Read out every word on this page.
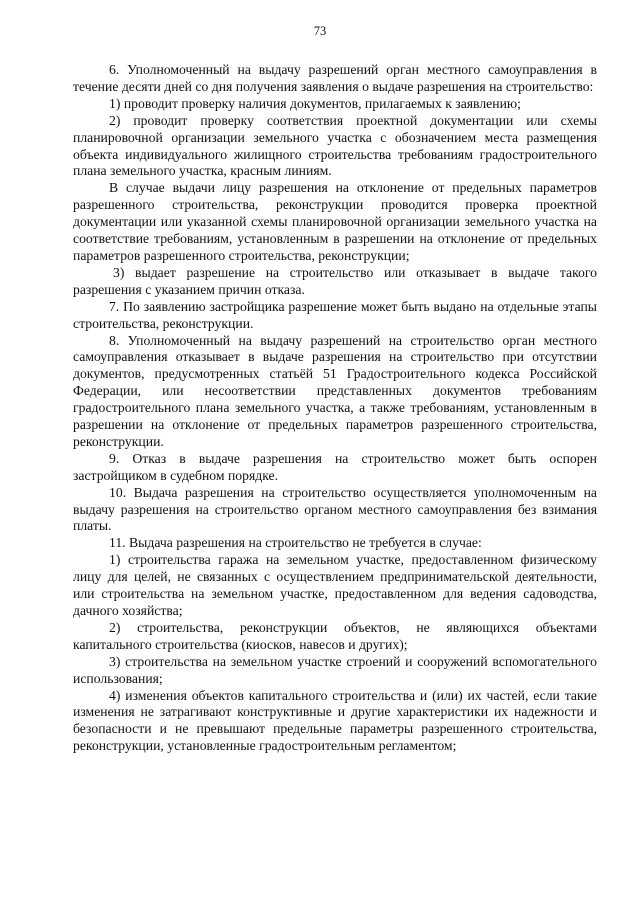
73

6. Уполномоченный на выдачу разрешений орган местного самоуправления в течение десяти дней со дня получения заявления о выдаче разрешения на строительство:

1) проводит проверку наличия документов, прилагаемых к заявлению;

2) проводит проверку соответствия проектной документации или схемы планировочной организации земельного участка с обозначением места размещения объекта индивидуального жилищного строительства требованиям градостроительного плана земельного участка, красным линиям.

В случае выдачи лицу разрешения на отклонение от предельных параметров разрешенного строительства, реконструкции проводится проверка проектной документации или указанной схемы планировочной организации земельного участка на соответствие требованиям, установленным в разрешении на отклонение от предельных параметров разрешенного строительства, реконструкции;

3) выдает разрешение на строительство или отказывает в выдаче такого разрешения с указанием причин отказа.

7. По заявлению застройщика разрешение может быть выдано на отдельные этапы строительства, реконструкции.

8. Уполномоченный на выдачу разрешений на строительство орган местного самоуправления отказывает в выдаче разрешения на строительство при отсутствии документов, предусмотренных статьёй 51 Градостроительного кодекса Российской Федерации, или несоответствии представленных документов требованиям градостроительного плана земельного участка, а также требованиям, установленным в разрешении на отклонение от предельных параметров разрешенного строительства, реконструкции.

9. Отказ в выдаче разрешения на строительство может быть оспорен застройщиком в судебном порядке.

10. Выдача разрешения на строительство осуществляется уполномоченным на выдачу разрешения на строительство органом местного самоуправления без взимания платы.

11. Выдача разрешения на строительство не требуется в случае:

1) строительства гаража на земельном участке, предоставленном физическому лицу для целей, не связанных с осуществлением предпринимательской деятельности, или строительства на земельном участке, предоставленном для ведения садоводства, дачного хозяйства;

2) строительства, реконструкции объектов, не являющихся объектами капитального строительства (киосков, навесов и других);

3) строительства на земельном участке строений и сооружений вспомогательного использования;

4) изменения объектов капитального строительства и (или) их частей, если такие изменения не затрагивают конструктивные и другие характеристики их надежности и безопасности и не превышают предельные параметры разрешенного строительства, реконструкции, установленные градостроительным регламентом;
